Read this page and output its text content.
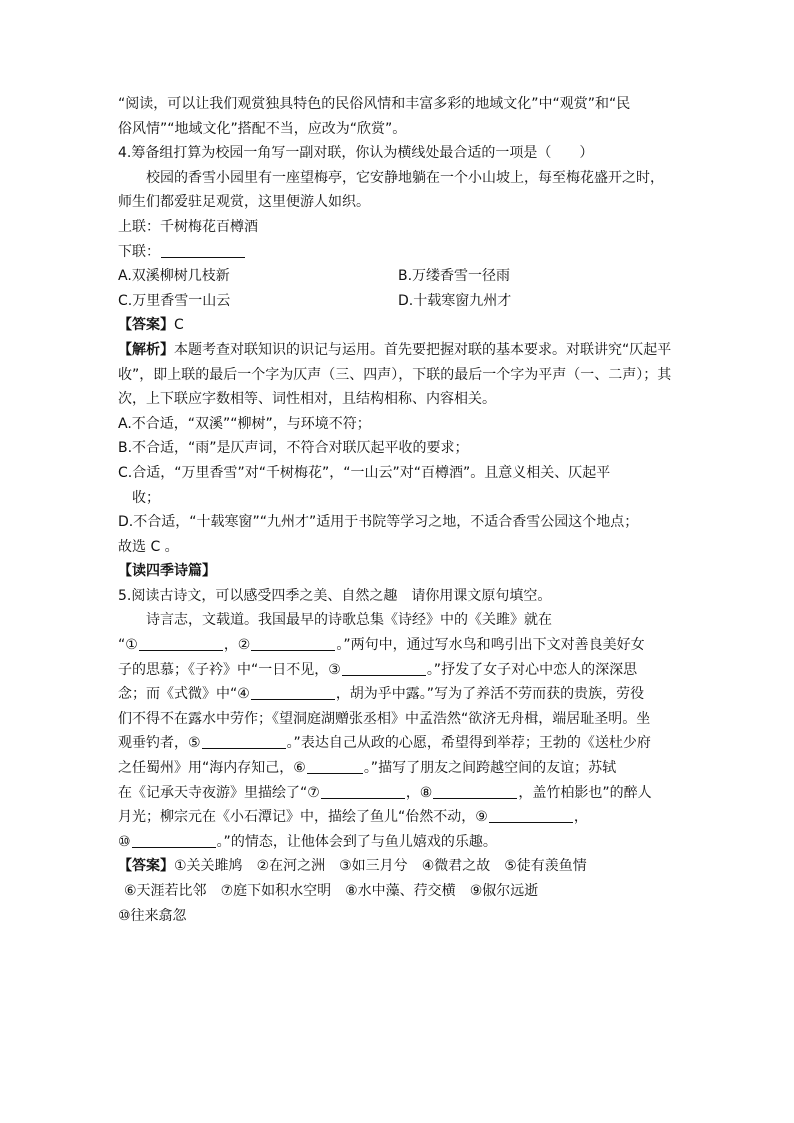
“阅读，可以让我们观赏独具特色的民俗风情和丰富多彩的地域文化”中“观赏”和“民
俗风情”“地域文化”搭配不当，应改为“欣赏”。
4.筹备组打算为校园一角写一副对联，你认为横线处最合适的一项是（　　）
校园的香雪小园里有一座望梅亭，它安静地躺在一个小山坡上，每至梅花盛开之时，
师生们都爱驻足观赏，这里便游人如织。
上联：千树梅花百樽酒
下联：
A.双溪柳树几枝新	B.万缕香雪一径雨
C.万里香雪一山云	D.十载寒窗九州才
【答案】C
【解析】本题考查对联知识的识记与运用。首先要把握对联的基本要求。对联讲究“仄起平
收”，即上联的最后一个字为仄声（三、四声），下联的最后一个字为平声（一、二声）；其
次，上下联应字数相等、词性相对，且结构相称、内容相关。
A.不合适，“双溪”“柳树”，与环境不符；
B.不合适，“雨”是仄声词，不符合对联仄起平收的要求；
C.合适，“万里香雪”对“千树梅花”，“一山云”对“百樽酒”。且意义相关、仄起平
收；
D.不合适，“十载寒窗”“九州才”适用于书院等学习之地，不适合香雪公园这个地点；
故选 C 。
【读四季诗篇】
5.阅读古诗文，可以感受四季之美、自然之趣　请你用课文原句填空。
诗言志，文载道。我国最早的诗歌总集《诗经》中的《关雎》就在
“①	，②	。”两句中，通过写水鸟和鸣引出下文对善良美好女
子的思慕；《子衿》中“一日不见，③	。”抒发了女子对心中恋人的深深思
念；而《式微》中“④	，胡为乎中露。”写为了养活不劳而获的贵族，劳役
们不得不在露水中劳作；《望洞庭湖赠张丞相》中孟浩然“欲济无舟楫，端居耻圣明。坐
观垂钓者，⑤	。”表达自己从政的心愿，希望得到举荐；王勃的《送杜少府
之任蜀州》用“海内存知己，⑥	。”描写了朋友之间跨越空间的友谊；苏轼
在《记承天寺夜游》里描绘了“⑦	，⑧	，盖竹柏影也”的醉人
月光；柳宗元在《小石潭记》中，描绘了鱼儿“佁然不动，⑨	，
⑩	。”的情态，让他体会到了与鱼儿嬉戏的乐趣。
【答案】①关关雎鸠 ②在河之洲 ③如三月兮 ④微君之故 ⑤徒有羡鱼情
⑥天涯若比邻 ⑦庭下如积水空明 ⑧水中藻、荇交横 ⑨俶尔远逝
⑩往来翕忽
